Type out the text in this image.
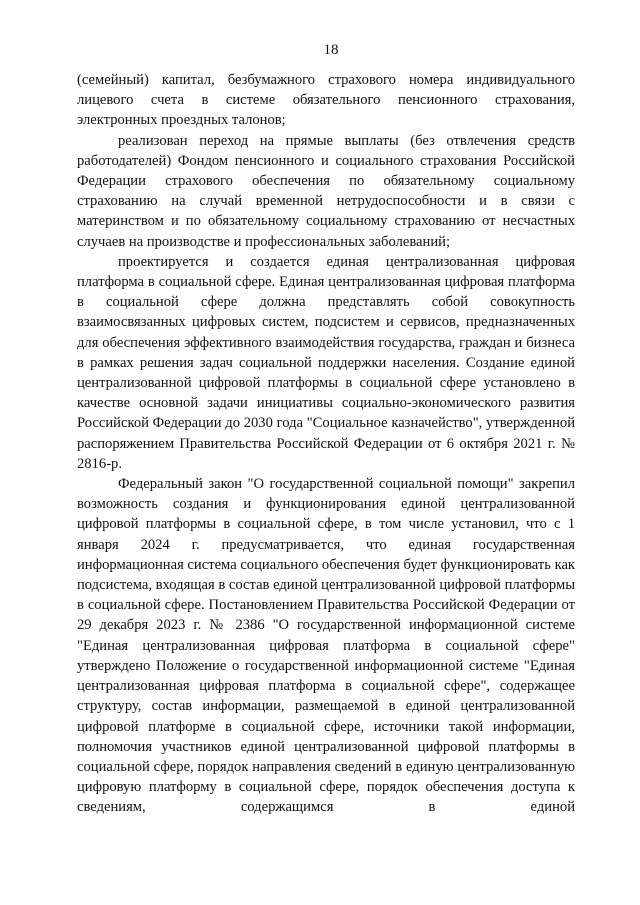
18

(семейный) капитал, безбумажного страхового номера индивидуального лицевого счета в системе обязательного пенсионного страхования, электронных проездных талонов;

реализован переход на прямые выплаты (без отвлечения средств работодателей) Фондом пенсионного и социального страхования Российской Федерации страхового обеспечения по обязательному социальному страхованию на случай временной нетрудоспособности и в связи с материнством и по обязательному социальному страхованию от несчастных случаев на производстве и профессиональных заболеваний;

проектируется и создается единая централизованная цифровая платформа в социальной сфере. Единая централизованная цифровая платформа в социальной сфере должна представлять собой совокупность взаимосвязанных цифровых систем, подсистем и сервисов, предназначенных для обеспечения эффективного взаимодействия государства, граждан и бизнеса в рамках решения задач социальной поддержки населения. Создание единой централизованной цифровой платформы в социальной сфере установлено в качестве основной задачи инициативы социально-экономического развития Российской Федерации до 2030 года "Социальное казначейство", утвержденной распоряжением Правительства Российской Федерации от 6 октября 2021 г. № 2816-р.

Федеральный закон "О государственной социальной помощи" закрепил возможность создания и функционирования единой централизованной цифровой платформы в социальной сфере, в том числе установил, что с 1 января 2024 г. предусматривается, что единая государственная информационная система социального обеспечения будет функционировать как подсистема, входящая в состав единой централизованной цифровой платформы в социальной сфере. Постановлением Правительства Российской Федерации от 29 декабря 2023 г. № 2386 "О государственной информационной системе "Единая централизованная цифровая платформа в социальной сфере" утверждено Положение о государственной информационной системе "Единая централизованная цифровая платформа в социальной сфере", содержащее структуру, состав информации, размещаемой в единой централизованной цифровой платформе в социальной сфере, источники такой информации, полномочия участников единой централизованной цифровой платформы в социальной сфере, порядок направления сведений в единую централизованную цифровую платформу в социальной сфере, порядок обеспечения доступа к сведениям, содержащимся в единой
